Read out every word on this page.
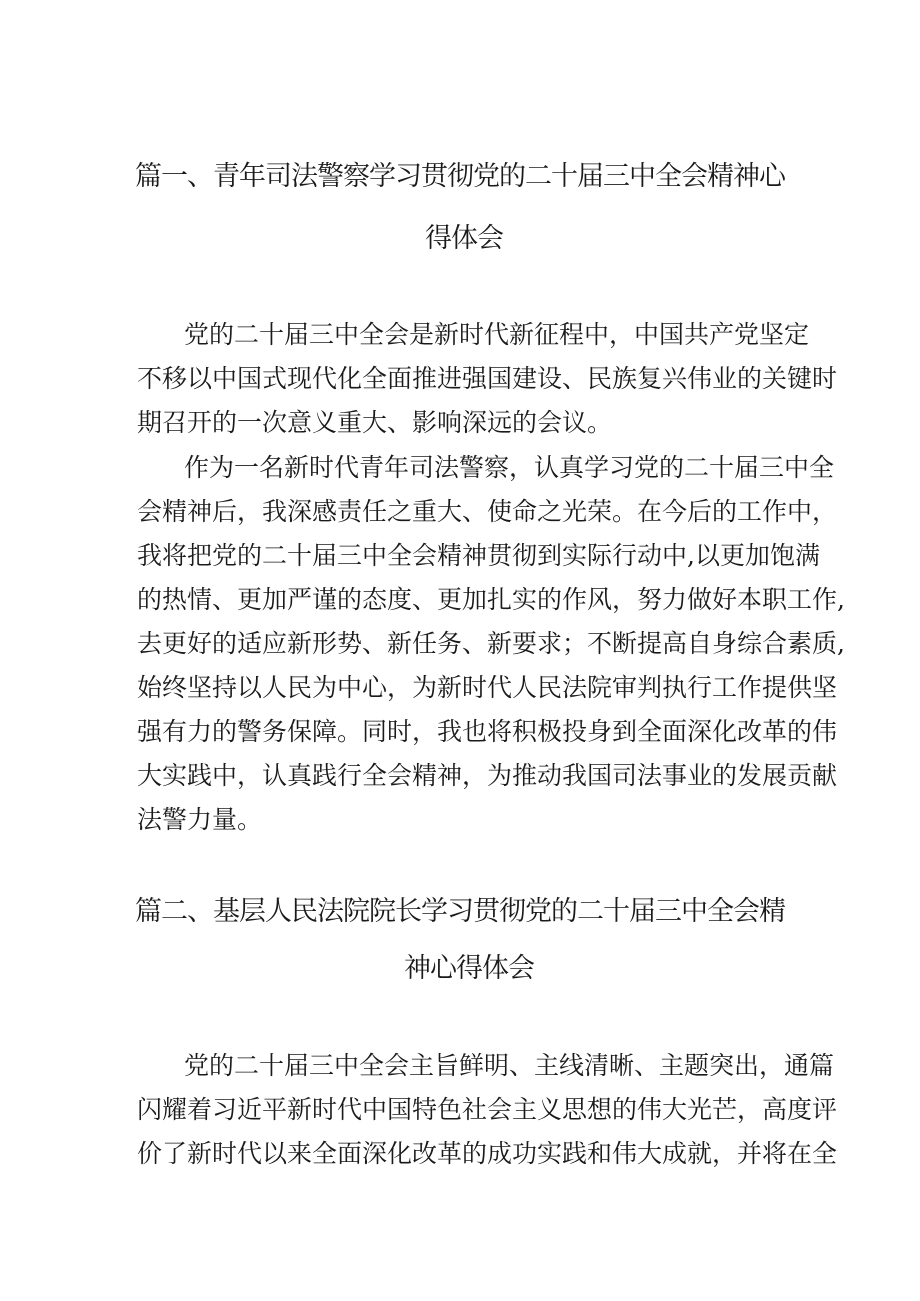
篇一、青年司法警察学习贯彻党的二十届三中全会精神心
得体会
党的二十届三中全会是新时代新征程中，中国共产党坚定
不移以中国式现代化全面推进强国建设、民族复兴伟业的关键时
期召开的一次意义重大、影响深远的会议。
作为一名新时代青年司法警察，认真学习党的二十届三中全
会精神后，我深感责任之重大、使命之光荣。在今后的工作中，
我将把党的二十届三中全会精神贯彻到实际行动中,以更加饱满
的热情、更加严谨的态度、更加扎实的作风，努力做好本职工作,
去更好的适应新形势、新任务、新要求；不断提高自身综合素质,
始终坚持以人民为中心，为新时代人民法院审判执行工作提供坚
强有力的警务保障。同时，我也将积极投身到全面深化改革的伟
大实践中，认真践行全会精神，为推动我国司法事业的发展贡献
法警力量。
篇二、基层人民法院院长学习贯彻党的二十届三中全会精
神心得体会
党的二十届三中全会主旨鲜明、主线清晰、主题突出，通篇
闪耀着习近平新时代中国特色社会主义思想的伟大光芒，高度评
价了新时代以来全面深化改革的成功实践和伟大成就，并将在全
